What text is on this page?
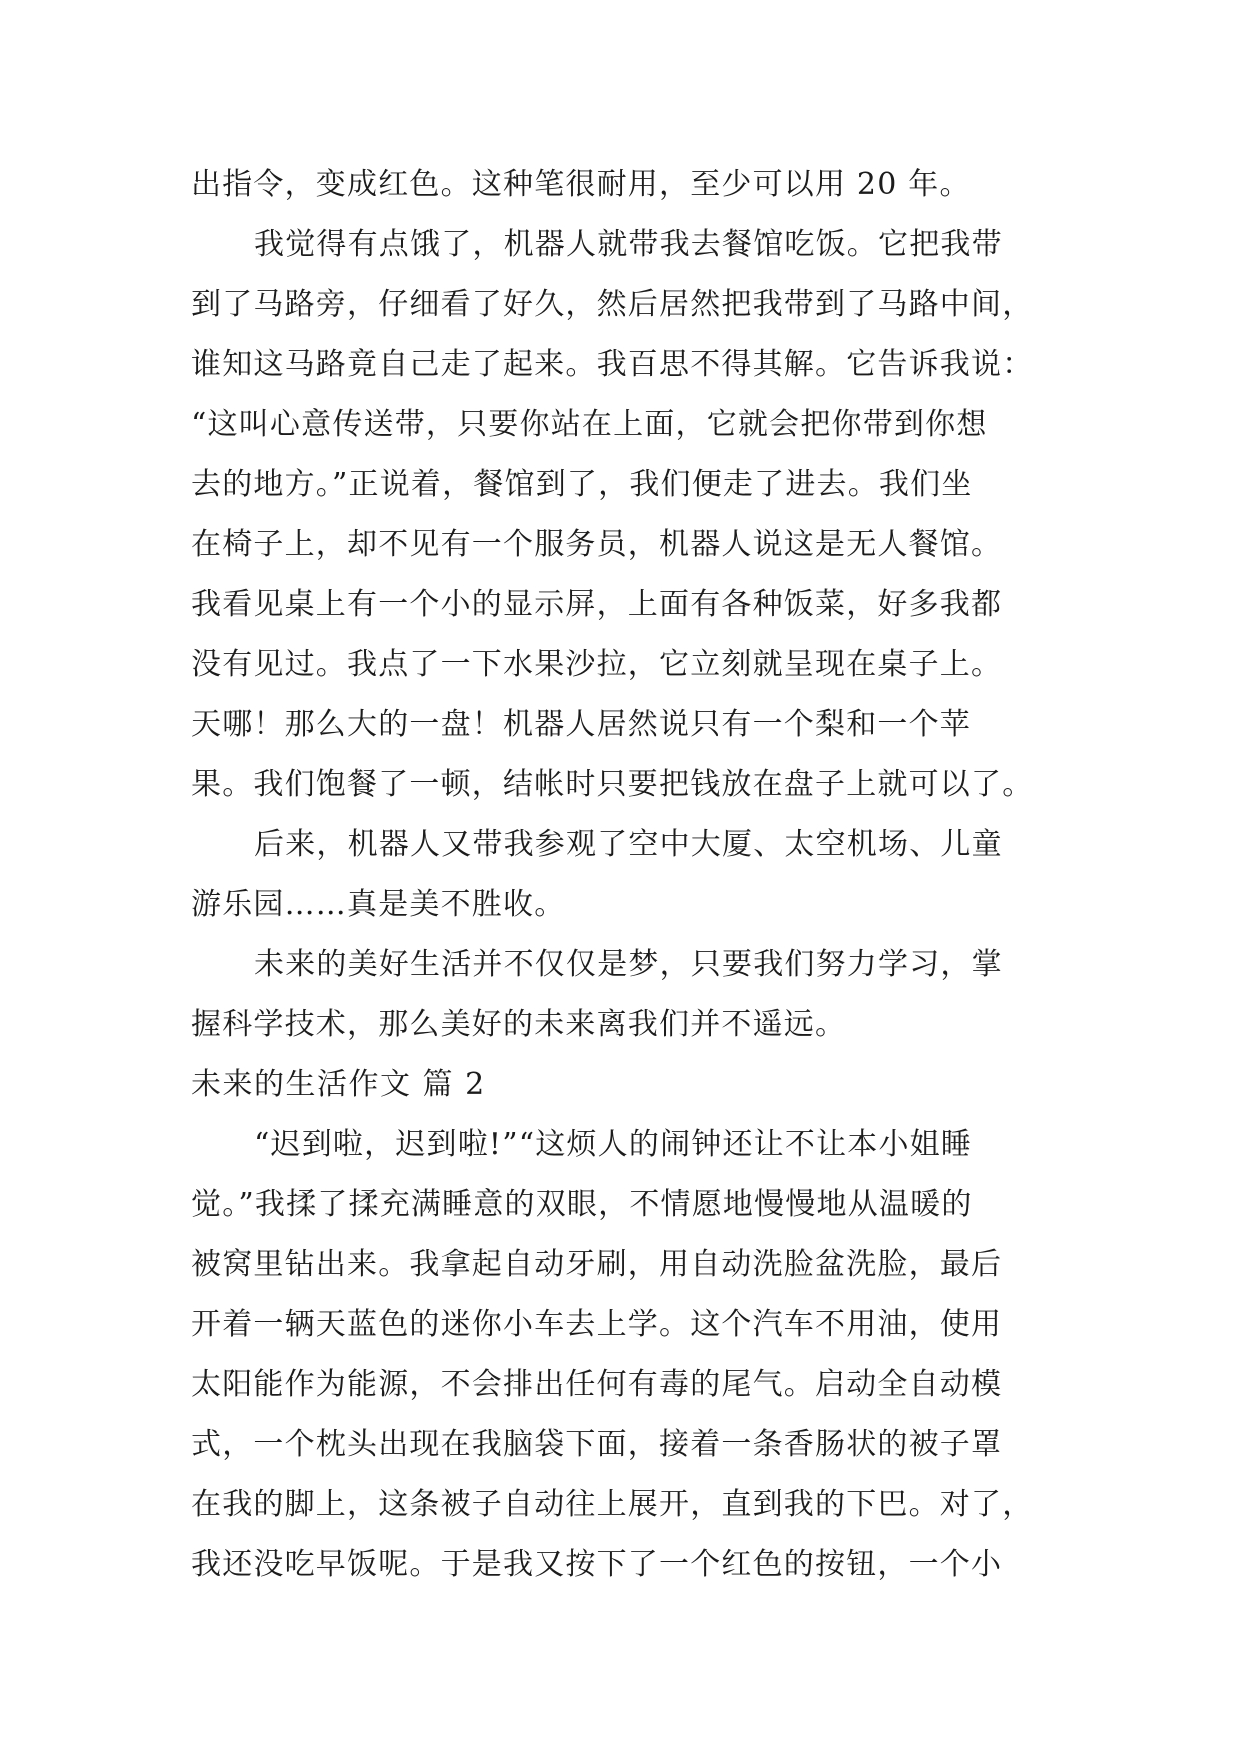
出指令，变成红色。这种笔很耐用，至少可以用 20 年。
我觉得有点饿了，机器人就带我去餐馆吃饭。它把我带
到了马路旁，仔细看了好久，然后居然把我带到了马路中间，
谁知这马路竟自己走了起来。我百思不得其解。它告诉我说：
“这叫心意传送带，只要你站在上面，它就会把你带到你想
去的地方。”正说着，餐馆到了，我们便走了进去。我们坐
在椅子上，却不见有一个服务员，机器人说这是无人餐馆。
我看见桌上有一个小的显示屏，上面有各种饭菜，好多我都
没有见过。我点了一下水果沙拉，它立刻就呈现在桌子上。
天哪！那么大的一盘！机器人居然说只有一个梨和一个苹
果。我们饱餐了一顿，结帐时只要把钱放在盘子上就可以了。
后来，机器人又带我参观了空中大厦、太空机场、儿童
游乐园……真是美不胜收。
未来的美好生活并不仅仅是梦，只要我们努力学习，掌
握科学技术，那么美好的未来离我们并不遥远。
未来的生活作文 篇 2
“迟到啦，迟到啦!”“这烦人的闹钟还让不让本小姐睡
觉。”我揉了揉充满睡意的双眼，不情愿地慢慢地从温暖的
被窝里钻出来。我拿起自动牙刷，用自动洗脸盆洗脸，最后
开着一辆天蓝色的迷你小车去上学。这个汽车不用油，使用
太阳能作为能源，不会排出任何有毒的尾气。启动全自动模
式，一个枕头出现在我脑袋下面，接着一条香肠状的被子罩
在我的脚上，这条被子自动往上展开，直到我的下巴。对了，
我还没吃早饭呢。于是我又按下了一个红色的按钮，一个小
